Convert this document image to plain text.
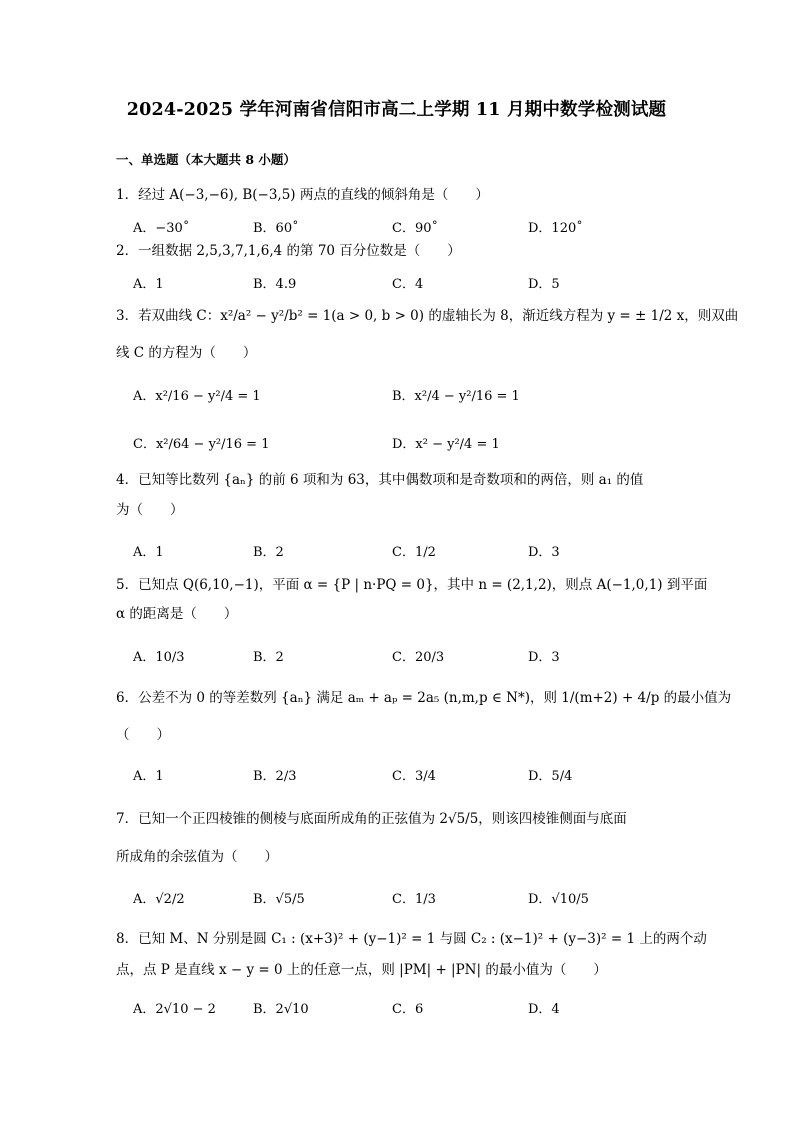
2024-2025 学年河南省信阳市高二上学期 11 月期中数学检测试题
一、单选题（本大题共 8 小题）
1．经过 A(−3,−6), B(−3,5) 两点的直线的倾斜角是（　　）
A．−30˚	B．60˚	C．90˚	D．120˚
2．一组数据 2,5,3,7,1,6,4 的第 70 百分位数是（　　）
A．1	B．4.9	C．4	D．5
3．若双曲线 C：x²/a² − y²/b² = 1(a > 0, b > 0) 的虚轴长为 8，渐近线方程为 y = ± 1/2 x，则双曲
线 C 的方程为（　　）
A．x²/16 − y²/4 = 1	B．x²/4 − y²/16 = 1
C．x²/64 − y²/16 = 1	D．x² − y²/4 = 1
4．已知等比数列 {aₙ} 的前 6 项和为 63，其中偶数项和是奇数项和的两倍，则 a₁ 的值
为（　　）
A．1	B．2	C．1/2	D．3
5．已知点 Q(6,10,−1)，平面 α = {P | n·PQ = 0}，其中 n = (2,1,2)，则点 A(−1,0,1) 到平面
α 的距离是（　　）
A．10/3	B．2	C．20/3	D．3
6．公差不为 0 的等差数列 {aₙ} 满足 aₘ + aₚ = 2a₅ (n,m,p ∈ N*)，则 1/(m+2) + 4/p 的最小值为
（　　）
A．1	B．2/3	C．3/4	D．5/4
7．已知一个正四棱锥的侧棱与底面所成角的正弦值为 2√5/5，则该四棱锥侧面与底面
所成角的余弦值为（　　）
A．√2/2	B．√5/5	C．1/3	D．√10/5
8．已知 M、N 分别是圆 C₁ : (x+3)² + (y−1)² = 1 与圆 C₂ : (x−1)² + (y−3)² = 1 上的两个动
点，点 P 是直线 x − y = 0 上的任意一点，则 |PM| + |PN| 的最小值为（　　）
A．2√10 − 2	B．2√10	C．6	D．4
